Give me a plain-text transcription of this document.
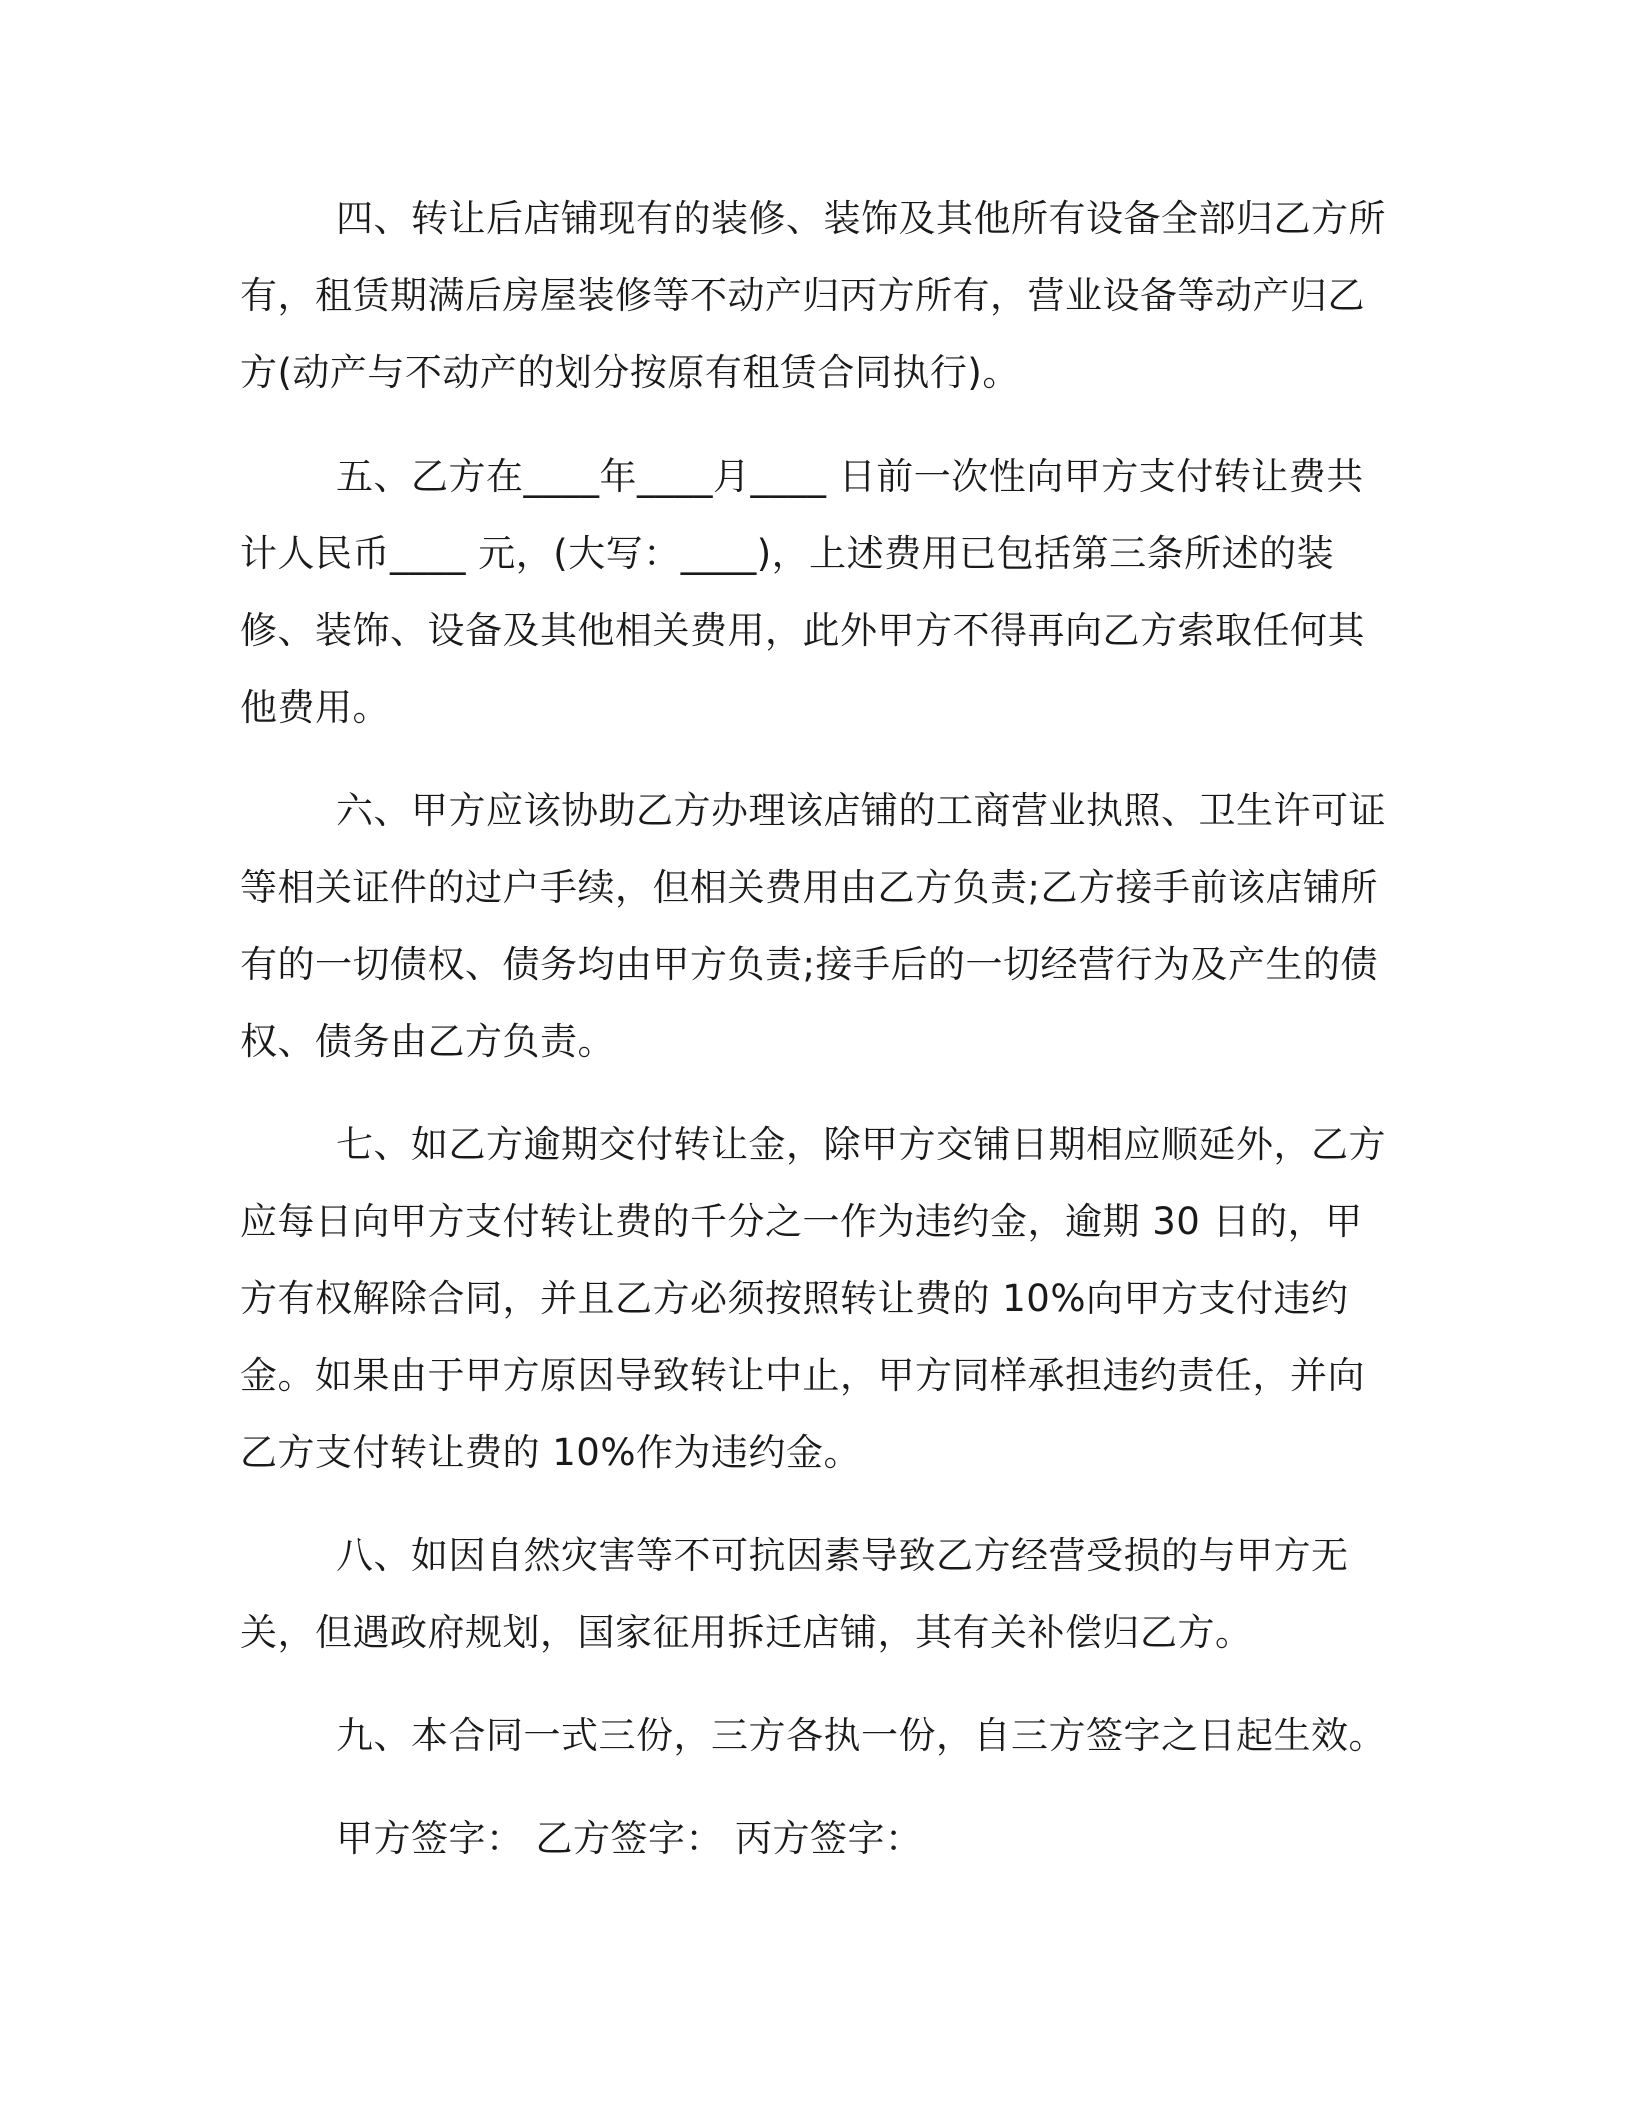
四、转让后店铺现有的装修、装饰及其他所有设备全部归乙方所有，租赁期满后房屋装修等不动产归丙方所有，营业设备等动产归乙方(动产与不动产的划分按原有租赁合同执行)。

五、乙方在____年____月____ 日前一次性向甲方支付转让费共计人民币____ 元，(大写：____)，上述费用已包括第三条所述的装修、装饰、设备及其他相关费用，此外甲方不得再向乙方索取任何其他费用。

六、甲方应该协助乙方办理该店铺的工商营业执照、卫生许可证等相关证件的过户手续，但相关费用由乙方负责;乙方接手前该店铺所有的一切债权、债务均由甲方负责;接手后的一切经营行为及产生的债权、债务由乙方负责。

七、如乙方逾期交付转让金，除甲方交铺日期相应顺延外，乙方应每日向甲方支付转让费的千分之一作为违约金，逾期 30 日的，甲方有权解除合同，并且乙方必须按照转让费的 10%向甲方支付违约金。如果由于甲方原因导致转让中止，甲方同样承担违约责任，并向乙方支付转让费的 10%作为违约金。

八、如因自然灾害等不可抗因素导致乙方经营受损的与甲方无关，但遇政府规划，国家征用拆迁店铺，其有关补偿归乙方。

九、本合同一式三份，三方各执一份，自三方签字之日起生效。

甲方签字： 乙方签字： 丙方签字：
